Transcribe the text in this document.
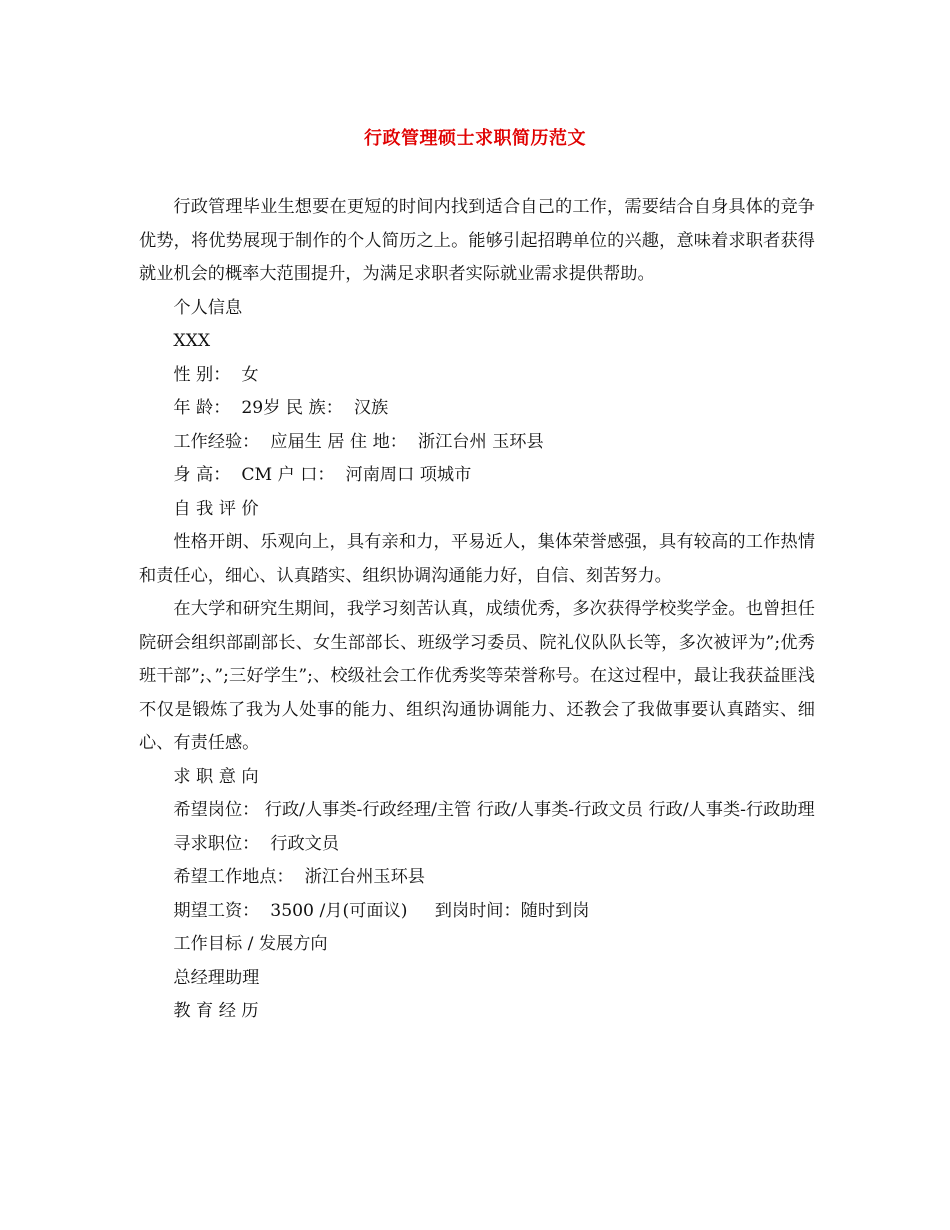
行政管理硕士求职简历范文

行政管理毕业生想要在更短的时间内找到适合自己的工作，需要结合自身具体的竞争优势，将优势展现于制作的个人简历之上。能够引起招聘单位的兴趣，意味着求职者获得就业机会的概率大范围提升，为满足求职者实际就业需求提供帮助。

个人信息
XXX
性 别：  女
年 龄：  29岁 民 族：  汉族
工作经验：  应届生 居 住 地：  浙江台州 玉环县
身 高：  CM 户 口：  河南周口 项城市
自 我 评 价

性格开朗、乐观向上，具有亲和力，平易近人，集体荣誉感强，具有较高的工作热情和责任心，细心、认真踏实、组织协调沟通能力好，自信、刻苦努力。

在大学和研究生期间，我学习刻苦认真，成绩优秀，多次获得学校奖学金。也曾担任院研会组织部副部长、女生部部长、班级学习委员、院礼仪队队长等，多次被评为”;优秀班干部”;、”;三好学生”;、校级社会工作优秀奖等荣誉称号。在这过程中，最让我获益匪浅不仅是锻炼了我为人处事的能力、组织沟通协调能力、还教会了我做事要认真踏实、细心、有责任感。

求 职 意 向

希望岗位： 行政/人事类-行政经理/主管 行政/人事类-行政文员 行政/人事类-行政助理

寻求职位：  行政文员
希望工作地点：  浙江台州玉环县
期望工资：  3500 /月(可面议)     到岗时间：随时到岗
工作目标 / 发展方向
总经理助理
教 育 经 历
